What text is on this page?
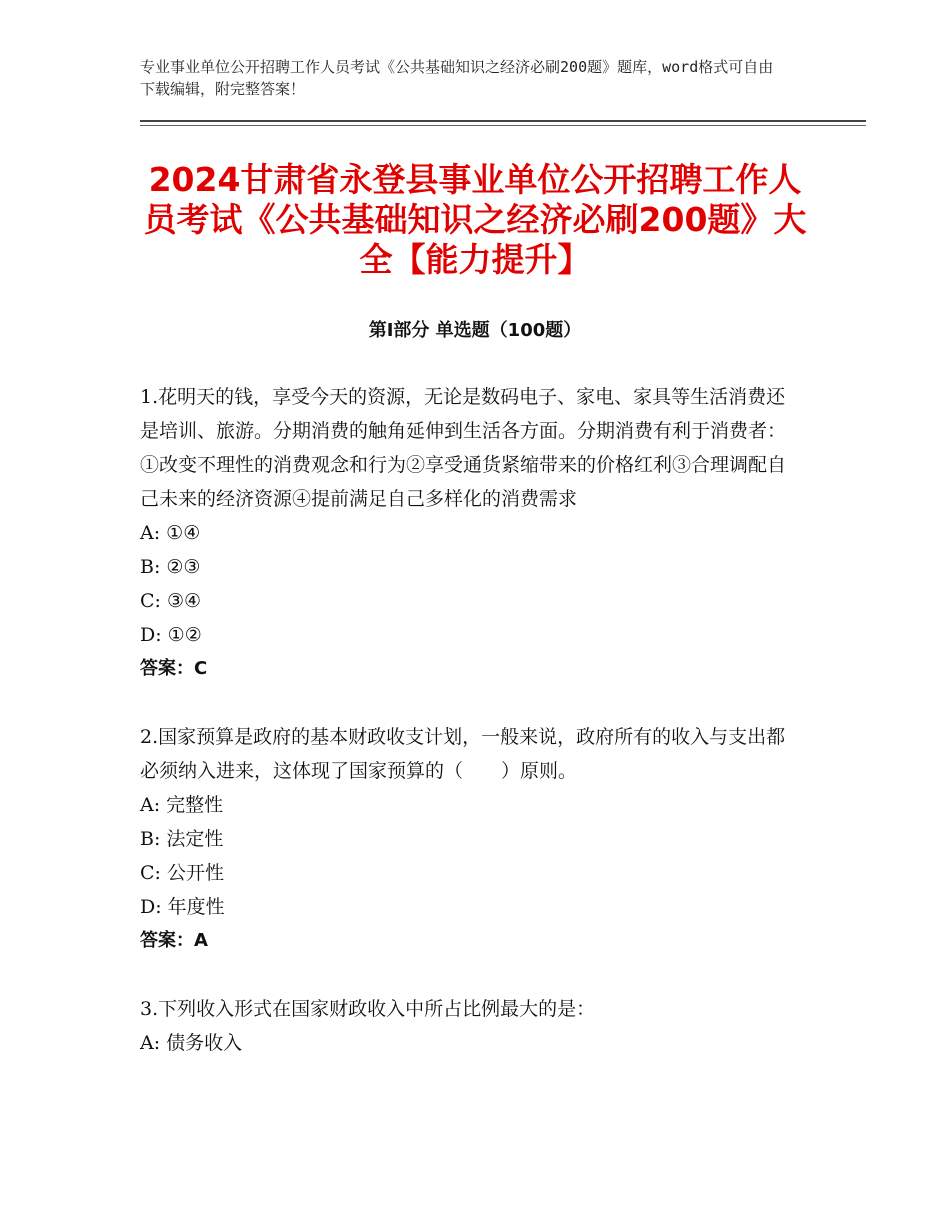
专业事业单位公开招聘工作人员考试《公共基础知识之经济必刷200题》题库，word格式可自由下载编辑，附完整答案！
2024甘肃省永登县事业单位公开招聘工作人员考试《公共基础知识之经济必刷200题》大全【能力提升】
第Ⅰ部分 单选题（100题）

1.花明天的钱，享受今天的资源，无论是数码电子、家电、家具等生活消费还是培训、旅游。分期消费的触角延伸到生活各方面。分期消费有利于消费者：①改变不理性的消费观念和行为②享受通货紧缩带来的价格红利③合理调配自己未来的经济资源④提前满足自己多样化的消费需求

A: ①④

B: ②③

C: ③④

D: ①②

答案：C

2.国家预算是政府的基本财政收支计划，一般来说，政府所有的收入与支出都必须纳入进来，这体现了国家预算的（　　）原则。

A: 完整性

B: 法定性

C: 公开性

D: 年度性

答案：A

3.下列收入形式在国家财政收入中所占比例最大的是：

A: 债务收入
